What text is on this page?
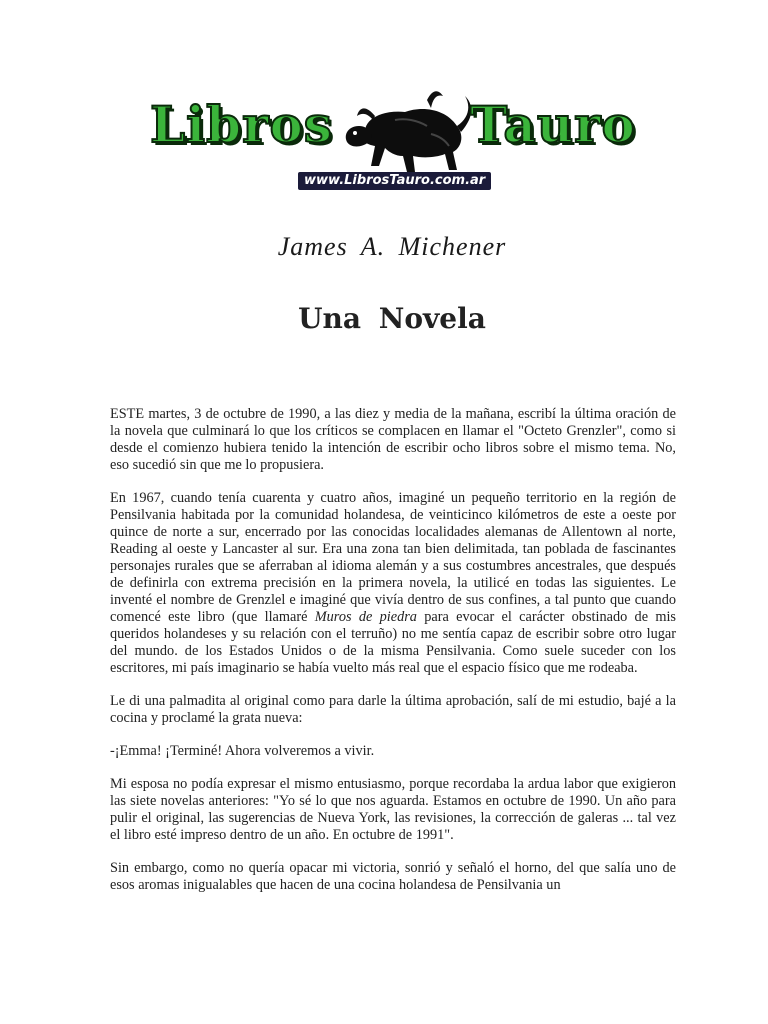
Libros	Tauro
www.LibrosTauro.com.ar
James A. Michener
Una Novela

ESTE martes, 3 de octubre de 1990, a las diez y media de la mañana, escribí la última oración de la novela que culminará lo que los críticos se complacen en llamar el "Octeto Grenzler", como si desde el comienzo hubiera tenido la intención de escribir ocho libros sobre el mismo tema. No, eso sucedió sin que me lo propusiera.

En 1967, cuando tenía cuarenta y cuatro años, imaginé un pequeño territorio en la región de Pensilvania habitada por la comunidad holandesa, de veinticinco kilómetros de este a oeste por quince de norte a sur, encerrado por las conocidas localidades alemanas de Allentown al norte, Reading al oeste y Lancaster al sur. Era una zona tan bien delimitada, tan poblada de fascinantes personajes rurales que se aferraban al idioma alemán y a sus costumbres ancestrales, que después de definirla con extrema precisión en la primera novela, la utilicé en todas las siguientes. Le inventé el nombre de Grenzlel e imaginé que vivía dentro de sus confines, a tal punto que cuando comencé este libro (que llamaré Muros de piedra para evocar el carácter obstinado de mis queridos holandeses y su relación con el terruño) no me sentía capaz de escribir sobre otro lugar del mundo. de los Estados Unidos o de la misma Pensilvania. Como suele suceder con los escritores, mi país imaginario se había vuelto más real que el espacio físico que me rodeaba.

Le di una palmadita al original como para darle la última aprobación, salí de mi estudio, bajé a la cocina y proclamé la grata nueva:

-¡Emma! ¡Terminé! Ahora volveremos a vivir.

Mi esposa no podía expresar el mismo entusiasmo, porque recordaba la ardua labor que exigieron las siete novelas anteriores: "Yo sé lo que nos aguarda. Estamos en octubre de 1990. Un año para pulir el original, las sugerencias de Nueva York, las revisiones, la corrección de galeras ... tal vez el libro esté impreso dentro de un año. En octubre de 1991".

Sin embargo, como no quería opacar mi victoria, sonrió y señaló el horno, del que salía uno de esos aromas inigualables que hacen de una cocina holandesa de Pensilvania un
